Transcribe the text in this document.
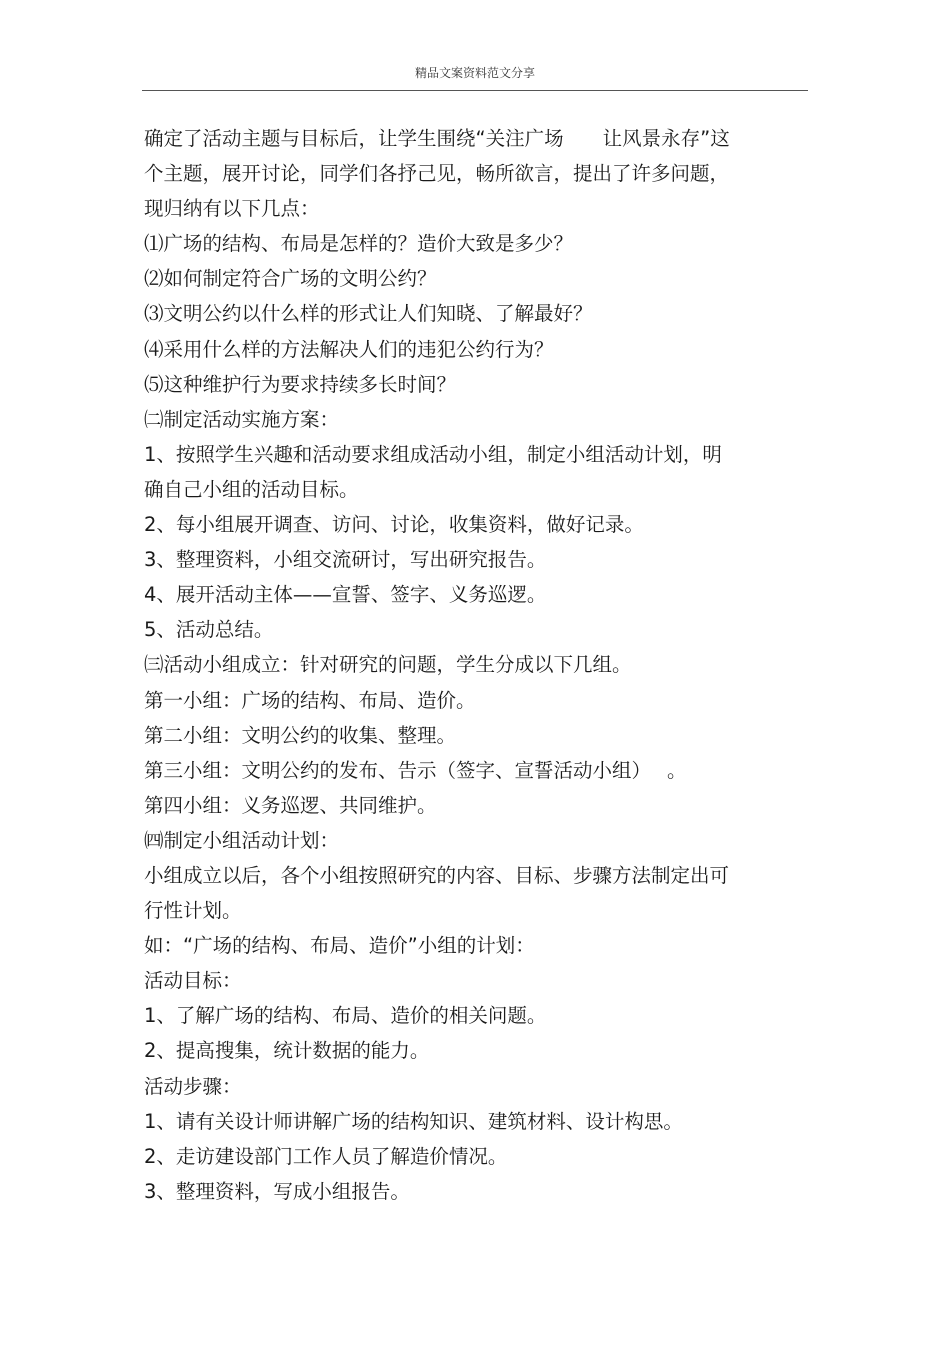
精品文案资料范文分享
确定了活动主题与目标后，让学生围绕“关注广场　　让风景永存”这
个主题，展开讨论，同学们各抒己见，畅所欲言，提出了许多问题，
现归纳有以下几点：
⑴广场的结构、布局是怎样的？造价大致是多少？
⑵如何制定符合广场的文明公约？
⑶文明公约以什么样的形式让人们知晓、了解最好？
⑷采用什么样的方法解决人们的违犯公约行为？
⑸这种维护行为要求持续多长时间？
㈡制定活动实施方案：
1、按照学生兴趣和活动要求组成活动小组，制定小组活动计划，明
确自己小组的活动目标。
2、每小组展开调查、访问、讨论，收集资料，做好记录。
3、整理资料，小组交流研讨，写出研究报告。
4、展开活动主体——宣誓、签字、义务巡逻。
5、活动总结。
㈢活动小组成立：针对研究的问题，学生分成以下几组。
第一小组：广场的结构、布局、造价。
第二小组：文明公约的收集、整理。
第三小组：文明公约的发布、告示（签字、宣誓活动小组）　 。
第四小组：义务巡逻、共同维护。
㈣制定小组活动计划：
小组成立以后，各个小组按照研究的内容、目标、步骤方法制定出可
行性计划。
如：“广场的结构、布局、造价”小组的计划：
活动目标：
1、了解广场的结构、布局、造价的相关问题。
2、提高搜集，统计数据的能力。
活动步骤：
1、请有关设计师讲解广场的结构知识、建筑材料、设计构思。
2、走访建设部门工作人员了解造价情况。
3、整理资料，写成小组报告。
